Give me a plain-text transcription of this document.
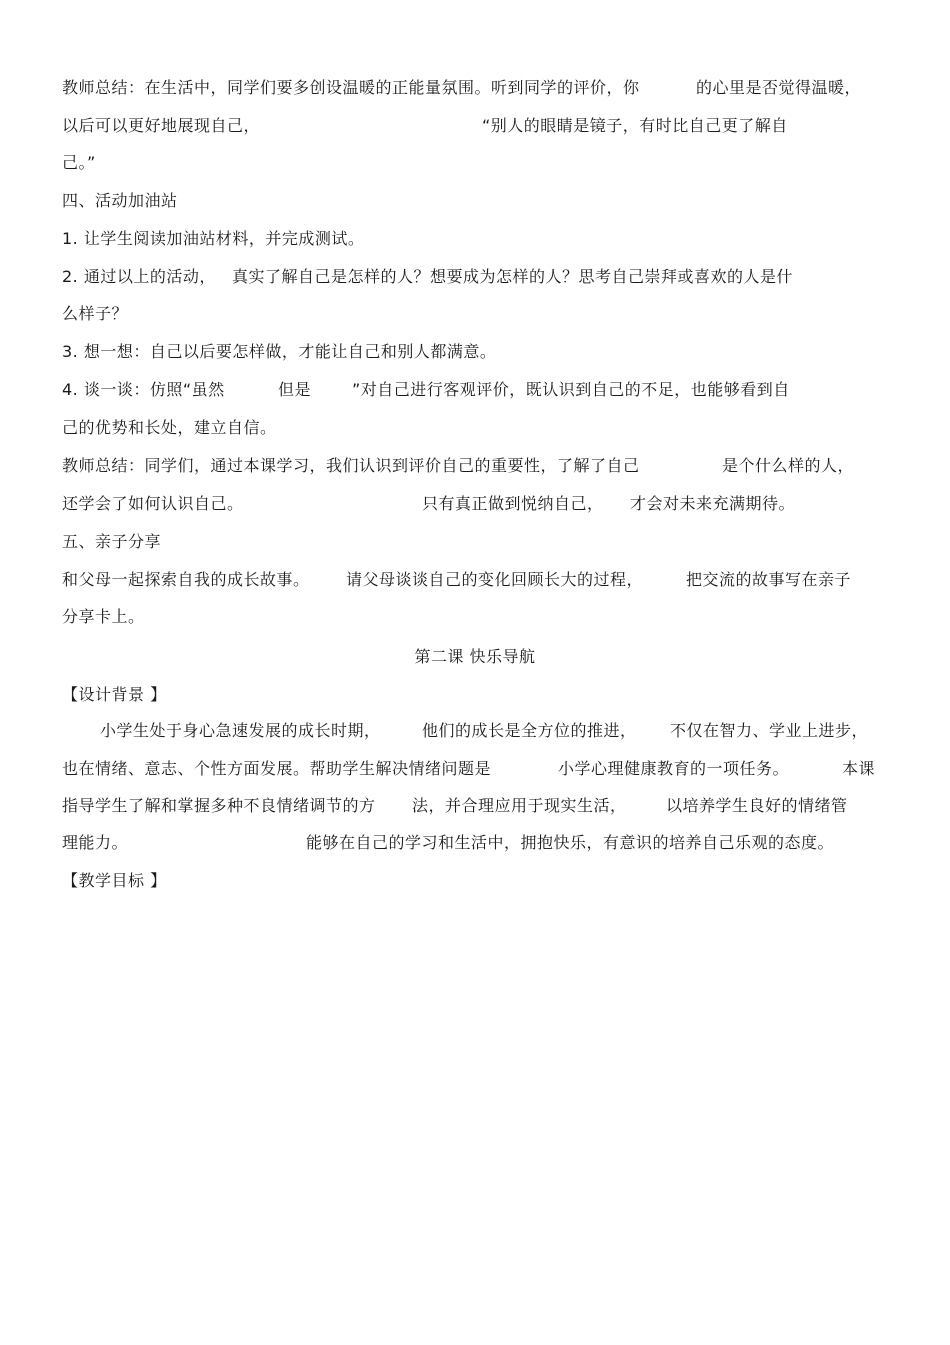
教师总结：在生活中，同学们要多创设温暖的正能量氛围。听到同学的评价，你	的心里是否觉得温暖，
以后可以更好地展现自己，	“别人的眼睛是镜子，有时比自己更了解自
己。”
四、活动加油站
1. 让学生阅读加油站材料，并完成测试。
2. 通过以上的活动， 真实了解自己是怎样的人？想要成为怎样的人？思考自己崇拜或喜欢的人是什
么样子？
3. 想一想：自己以后要怎样做，才能让自己和别人都满意。
4. 谈一谈：仿照“虽然	但是	”对自己进行客观评价，既认识到自己的不足，也能够看到自
己的优势和长处，建立自信。
教师总结：同学们，通过本课学习，我们认识到评价自己的重要性，了解了自己	是个什么样的人，
还学会了如何认识自己。	只有真正做到悦纳自己， 才会对未来充满期待。
五、亲子分享
和父母一起探索自我的成长故事。 请父母谈谈自己的变化回顾长大的过程，	把交流的故事写在亲子
分享卡上。
第二课 快乐导航
【设计背景 】
小学生处于身心急速发展的成长时期，	他们的成长是全方位的推进， 不仅在智力、学业上进步，
也在情绪、意志、个性方面发展。帮助学生解决情绪问题是	小学心理健康教育的一项任务。	本课
指导学生了解和掌握多种不良情绪调节的方 法，并合理应用于现实生活， 以培养学生良好的情绪管
理能力。	能够在自己的学习和生活中，拥抱快乐，有意识的培养自己乐观的态度。
【教学目标 】
